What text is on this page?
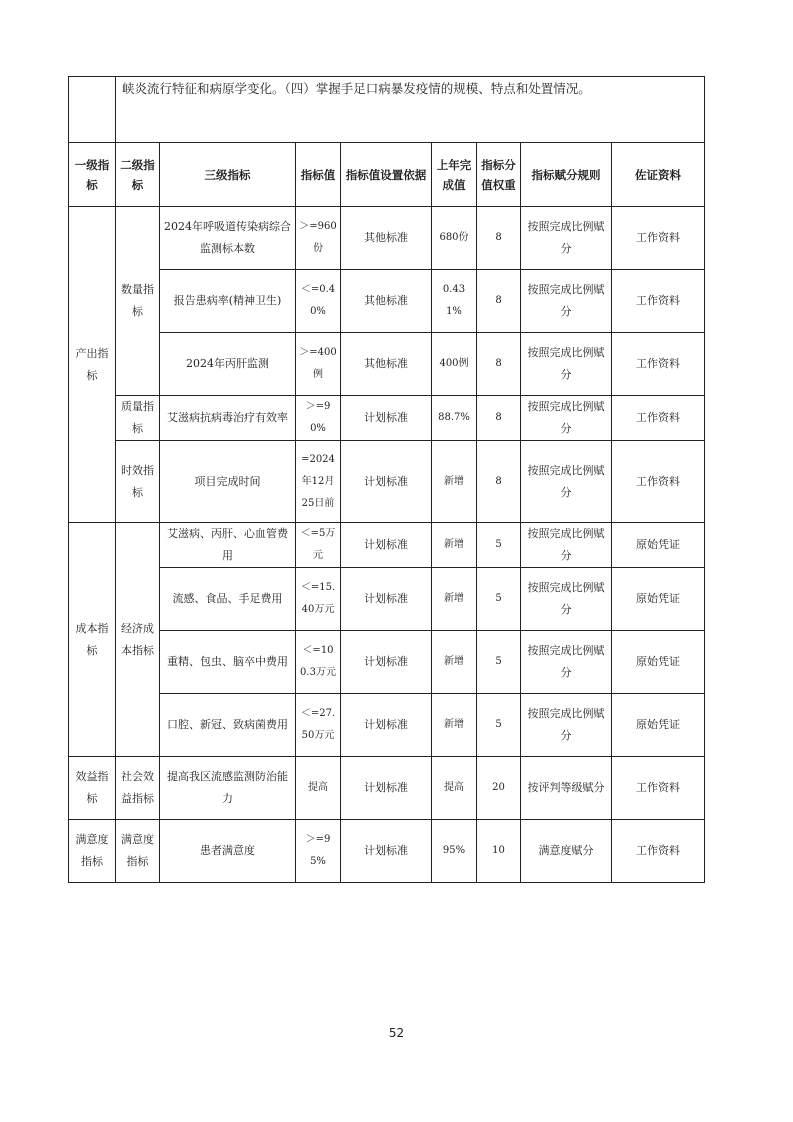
	峡炎流行特征和病原学变化。（四）掌握手足口病暴发疫情的规模、特点和处置情况。							
一级指标	二级指标	三级指标	指标值	指标值设置依据	上年完成值	指标分值权重	指标赋分规则	佐证资料
产出指标	数量指标	2024年呼吸道传染病综合监测标本数	＞=960份	其他标准	680份	8	按照完成比例赋分	工作资料
		报告患病率(精神卫生)	＜=0.40%	其他标准	0.431%	8	按照完成比例赋分	工作资料
		2024年丙肝监测	＞=400例	其他标准	400例	8	按照完成比例赋分	工作资料
	质量指标	艾滋病抗病毒治疗有效率	＞=90%	计划标准	88.7%	8	按照完成比例赋分	工作资料
	时效指标	项目完成时间	=2024年12月25日前	计划标准	新增	8	按照完成比例赋分	工作资料
成本指标	经济成本指标	艾滋病、丙肝、心血管费用	＜=5万元	计划标准	新增	5	按照完成比例赋分	原始凭证
		流感、食品、手足费用	＜=15.40万元	计划标准	新增	5	按照完成比例赋分	原始凭证
		重精、包虫、脑卒中费用	＜=100.3万元	计划标准	新增	5	按照完成比例赋分	原始凭证
		口腔、新冠、致病菌费用	＜=27.50万元	计划标准	新增	5	按照完成比例赋分	原始凭证
效益指标	社会效益指标	提高我区流感监测防治能力	提高	计划标准	提高	20	按评判等级赋分	工作资料
满意度指标	满意度指标	患者满意度	＞=95%	计划标准	95%	10	满意度赋分	工作资料
52
